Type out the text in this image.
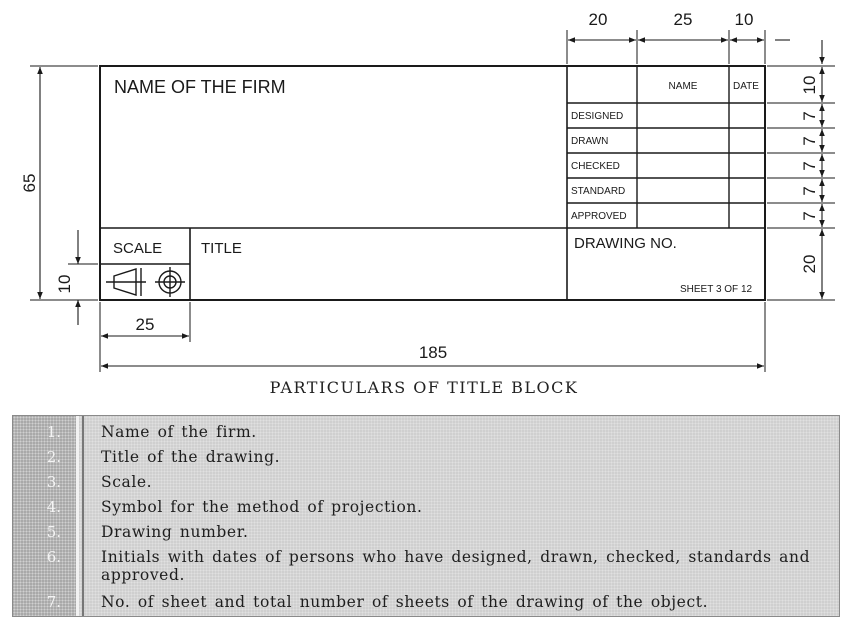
NAME OF THE FIRM	NAME	DATE
DESIGNED
DRAWN
CHECKED
STANDARD
APPROVED
SCALE	TITLE	DRAWING NO.
SHEET 3 OF 12
20	25 10
10
7
7
7
7
7
20
65
10
25
185
PARTICULARS OF TITLE BLOCK
1.	Name of the firm.
2.	Title of the drawing.
3.	Scale.
4.	Symbol for the method of projection.
5.	Drawing number.
6.	Initials with dates of persons who have designed, drawn, checked, standards and approved.
7.	No. of sheet and total number of sheets of the drawing of the object.
